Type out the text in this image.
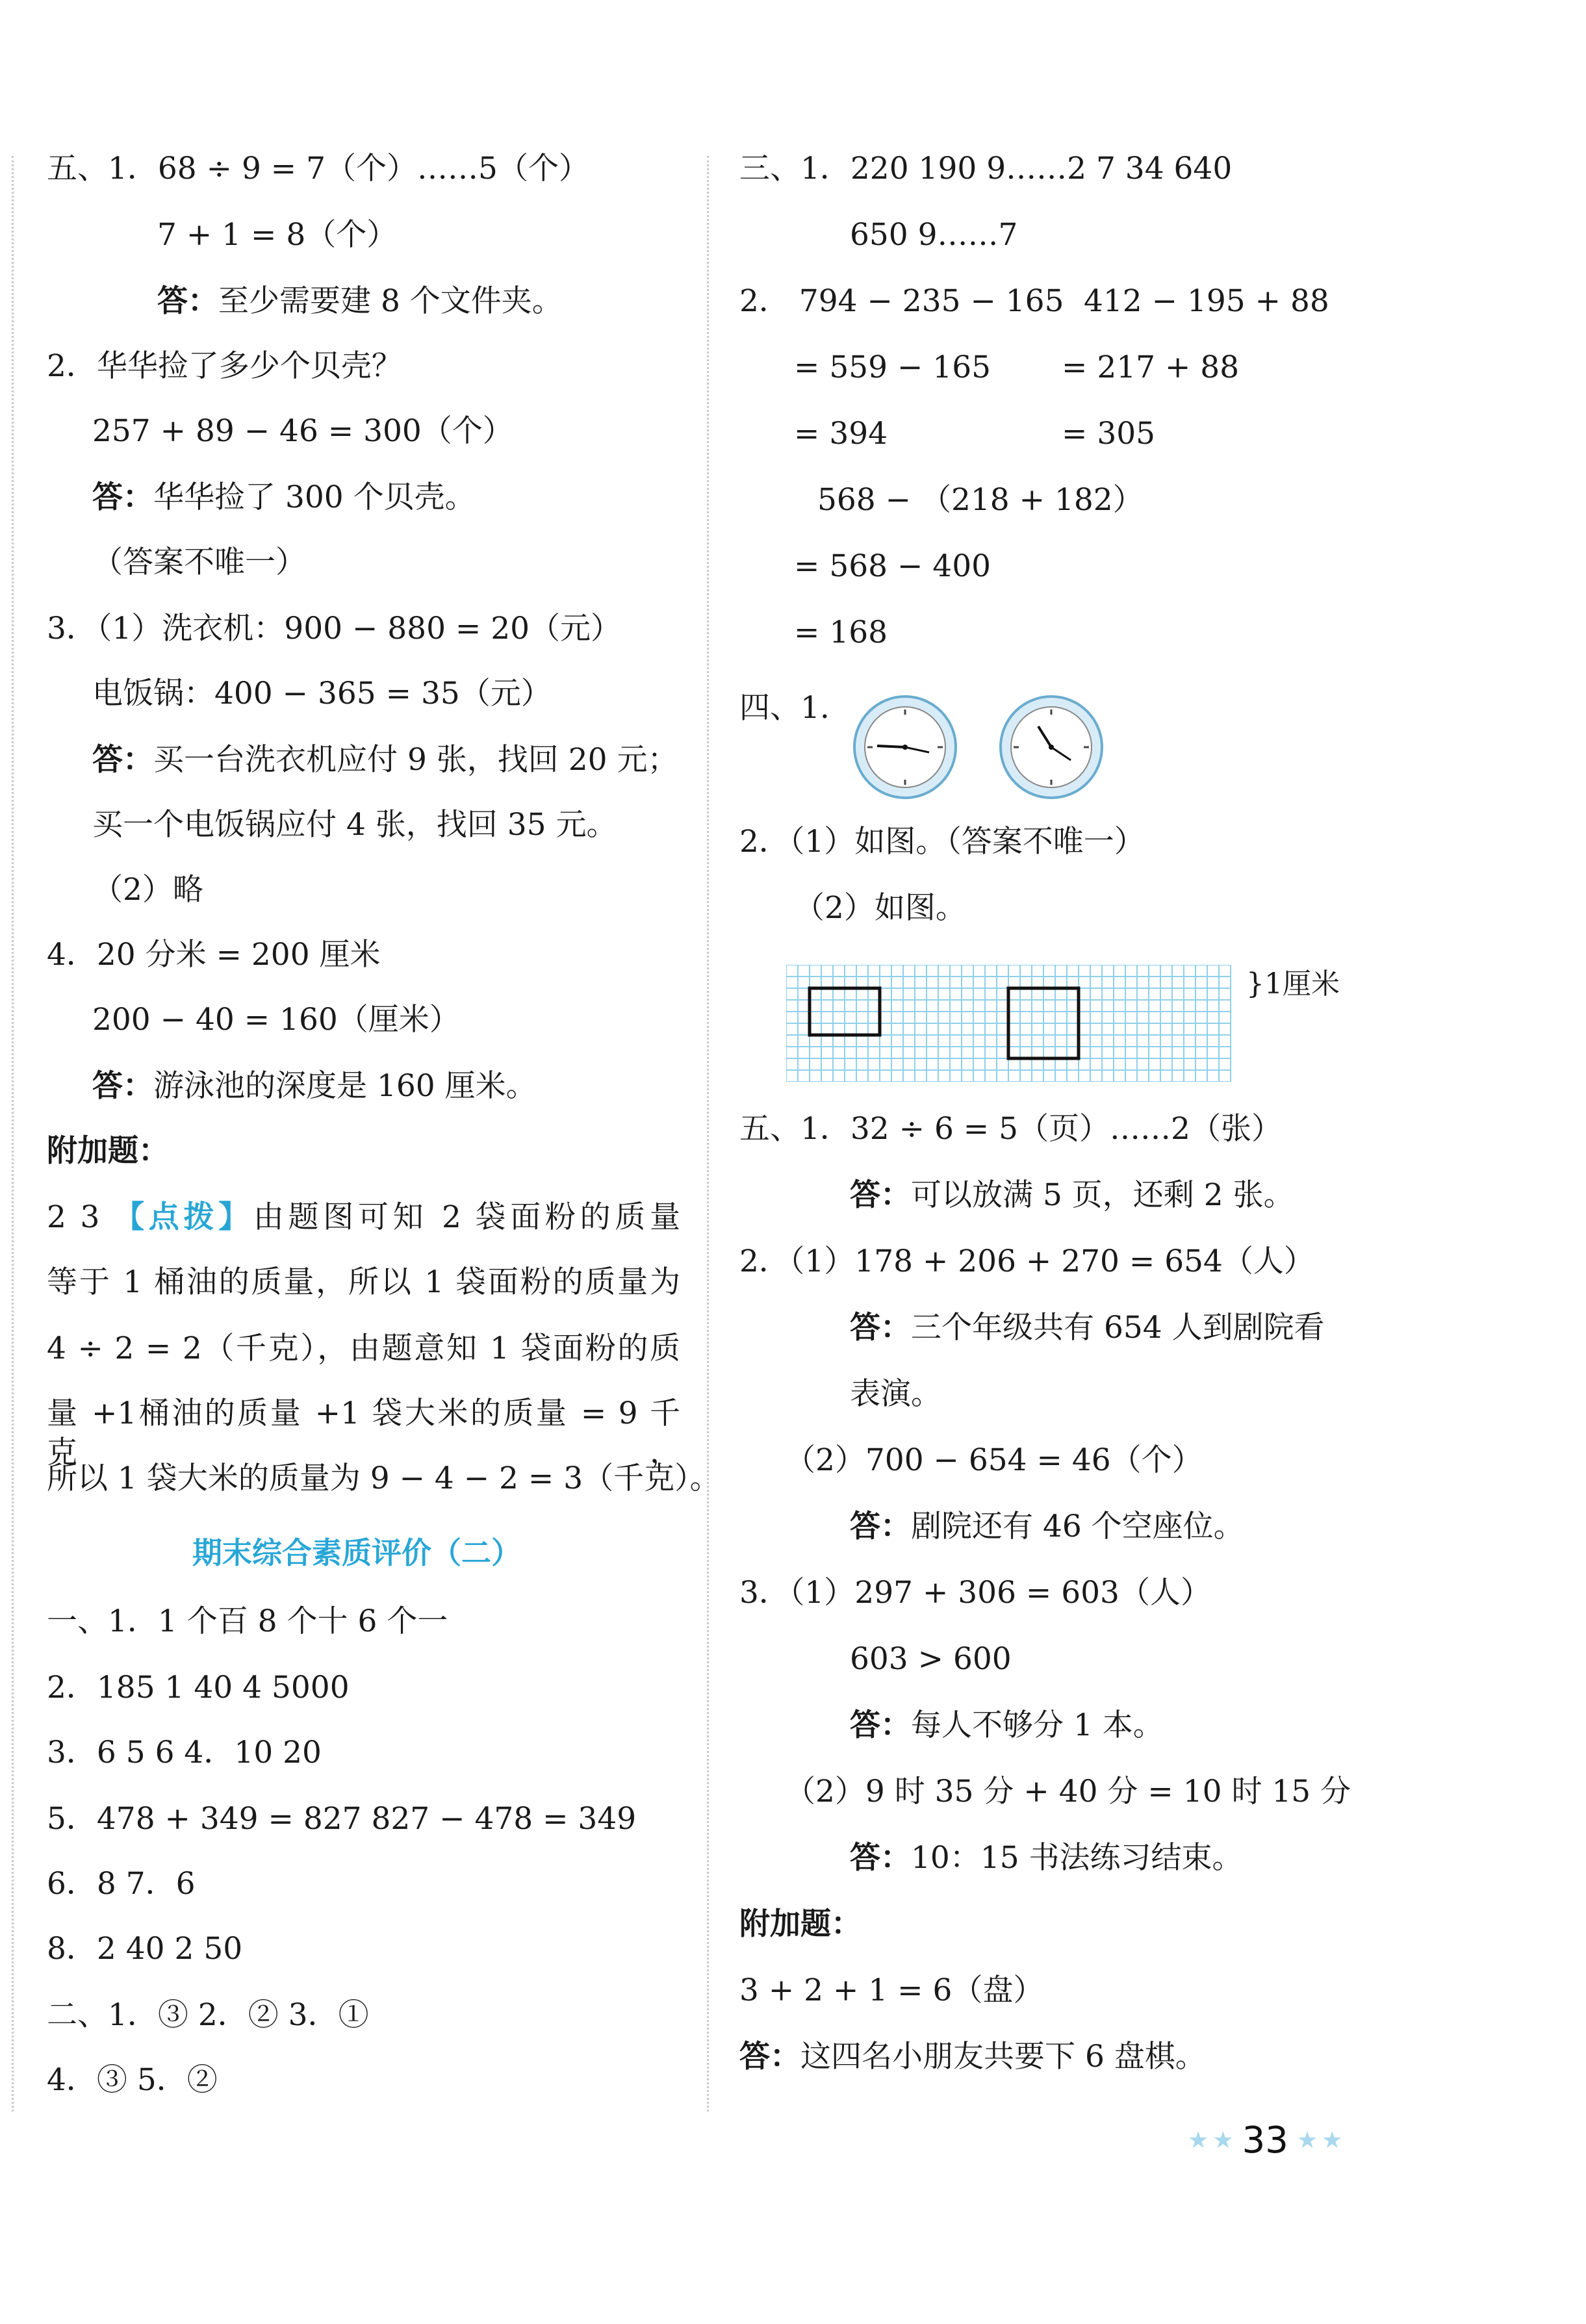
五、1．68 ÷ 9 = 7（个）……5（个）
7 + 1 = 8（个）
答：至少需要建 8 个文件夹。
2．华华捡了多少个贝壳？
257 + 89 − 46 = 300（个）
答：华华捡了 300 个贝壳。
（答案不唯一）
3．（1）洗衣机：900 − 880 = 20（元）
电饭锅：400 − 365 = 35（元）
答：买一台洗衣机应付 9 张，找回 20 元；
买一个电饭锅应付 4 张，找回 35 元。
（2）略
4．20 分米 = 200 厘米
200 − 40 = 160（厘米）
答：游泳池的深度是 160 厘米。
附加题：
2 3 【点拨】由题图可知 2 袋面粉的质量
等于 1 桶油的质量，所以 1 袋面粉的质量为
4 ÷ 2 = 2（千克），由题意知 1 袋面粉的质
量 +1桶油的质量 +1 袋大米的质量 = 9 千克，
所以 1 袋大米的质量为 9 − 4 − 2 = 3（千克）。
期末综合素质评价（二）
一、1．1 个百 8 个十 6 个一
2．185 1 40 4 5000
3．6 5 6 4．10 20
5．478 + 349 = 827 827 − 478 = 349
6．8 7．6
8．2 40 2 50
二、1．③ 2．② 3．①
4．③ 5．②
三、1．220 190 9……2 7 34 640
650 9……7
2． 794 − 235 − 165 412 − 195 + 88
= 559 − 165 = 217 + 88
= 394	= 305
568 − （218 + 182）
= 568 − 400
= 168
四、1.
2．（1）如图。（答案不唯一）
（2）如图。
}1厘米
五、1．32 ÷ 6 = 5（页）……2（张）
答：可以放满 5 页，还剩 2 张。
2．（1）178 + 206 + 270 = 654（人）
答：三个年级共有 654 人到剧院看
表演。
（2）700 − 654 = 46（个）
答：剧院还有 46 个空座位。
3．（1）297 + 306 = 603（人）
603 > 600
答：每人不够分 1 本。
（2）9 时 35 分 + 40 分 = 10 时 15 分
答：10：15 书法练习结束。
附加题：
3 + 2 + 1 = 6（盘）
答：这四名小朋友共要下 6 盘棋。
★ ★ 33 ★ ★
